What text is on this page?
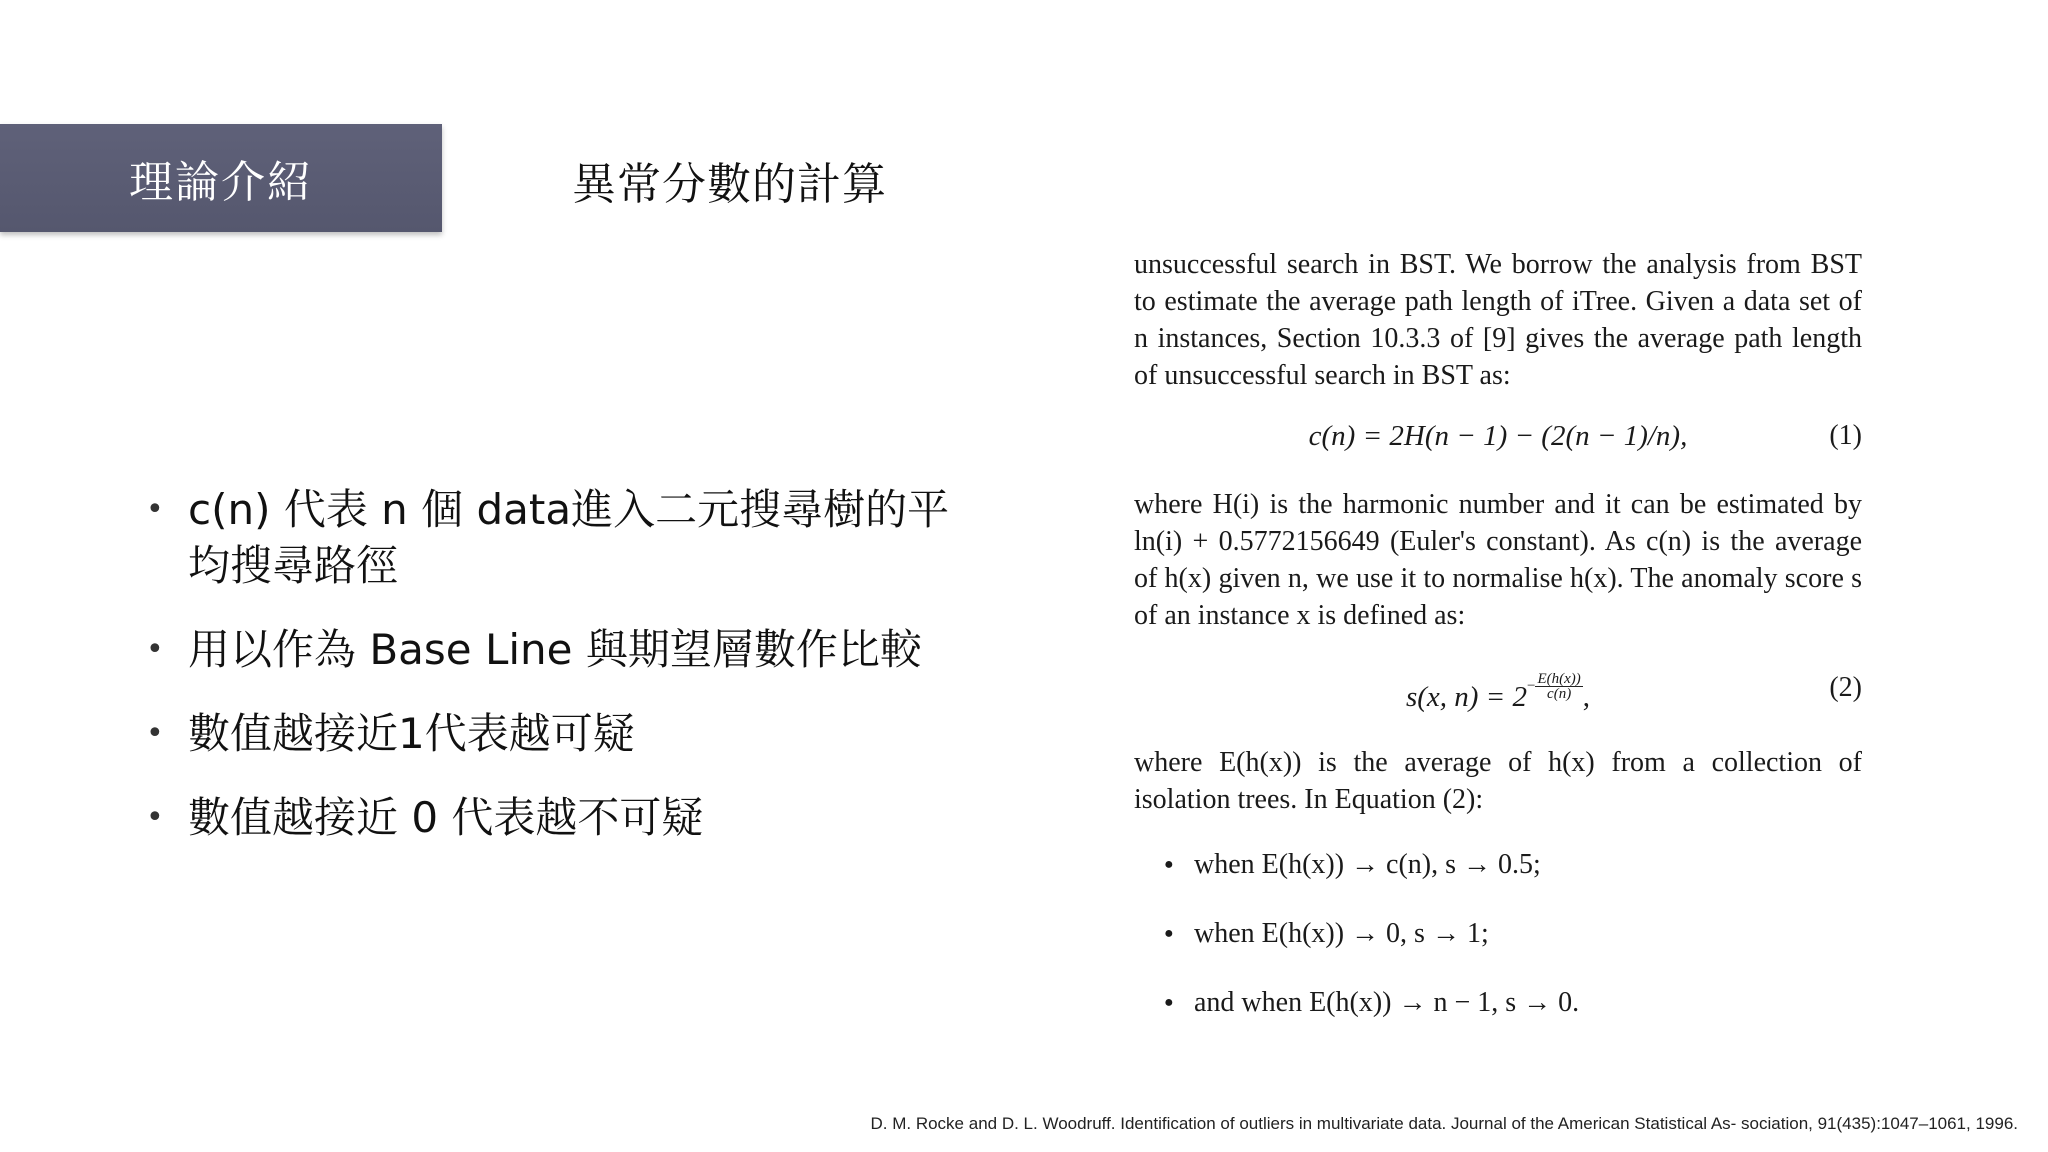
理論介紹	異常分數的計算
• c(n) 代表 n 個 data進入二元搜尋樹的平均搜尋路徑
• 用以作為 Base Line 與期望層數作比較
• 數值越接近1代表越可疑
• 數值越接近 0 代表越不可疑

unsuccessful search in BST. We borrow the analysis from BST to estimate the average path length of iTree. Given a data set of n instances, Section 10.3.3 of [9] gives the average path length of unsuccessful search in BST as:

c(n) = 2H(n − 1) − (2(n − 1)/n),	(1)

where H(i) is the harmonic number and it can be estimated by ln(i) + 0.5772156649 (Euler's constant). As c(n) is the average of h(x) given n, we use it to normalise h(x). The anomaly score s of an instance x is defined as:

s(x, $n) = 2- \frac{E(h(x))}{c(n)}$ ,	(2)

where E(h(x)) is the average of h(x) from a collection of isolation trees. In Equation (2):

● when E(h(x)) → c(n), s → 0.5;
● when E(h(x)) → 0, s → 1;
● and when E(h(x)) → n − 1, s → 0.
D. M. Rocke and D. L. Woodruff. Identification of outliers in multivariate data. Journal of the American Statistical As- sociation, 91(435):1047–1061, 1996.
